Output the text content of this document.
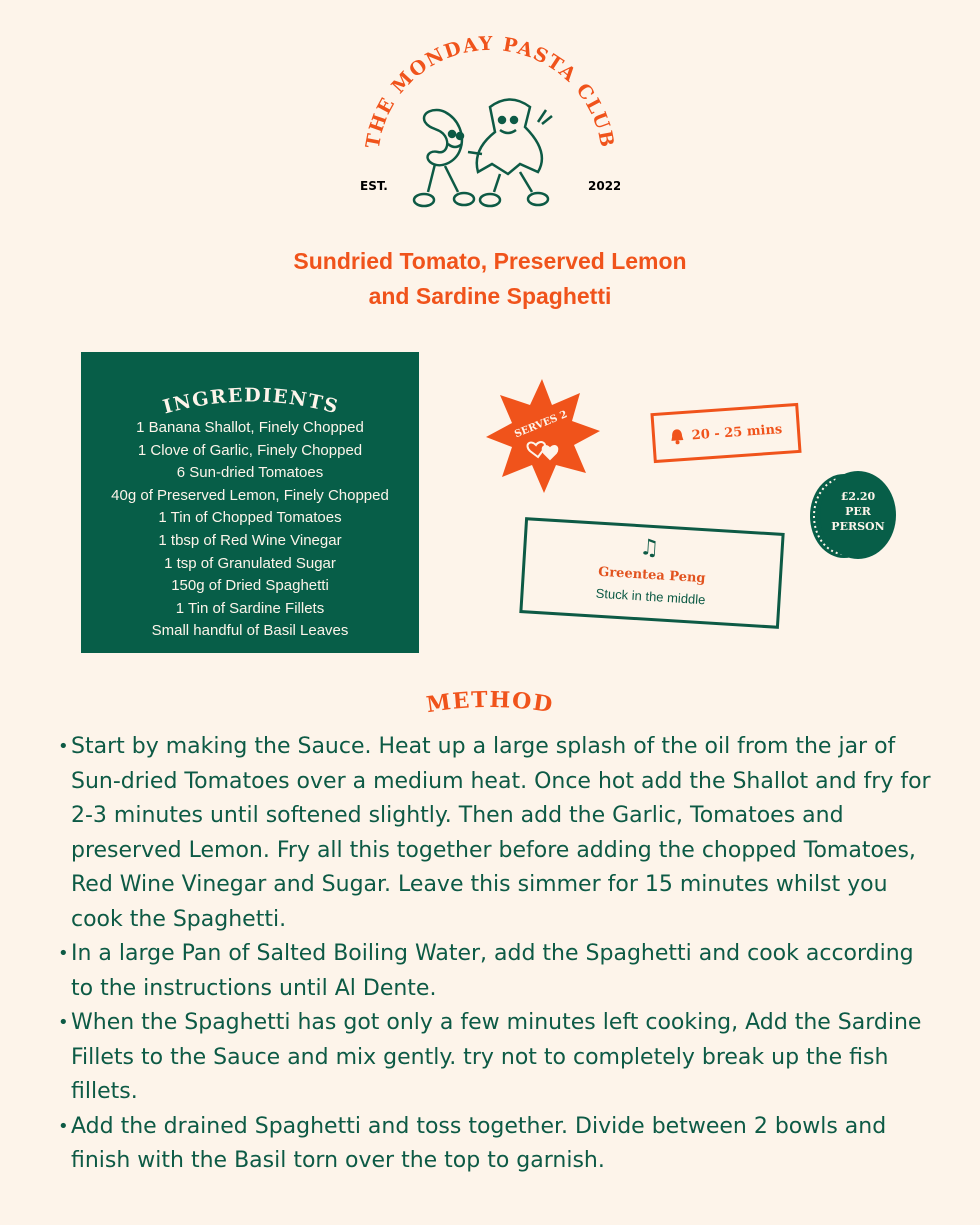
THE MONDAY PASTA CLUB
EST.	2022
Sundried Tomato, Preserved Lemon
and Sardine Spaghetti
INGREDIENTS
1 Banana Shallot, Finely Chopped
1 Clove of Garlic, Finely Chopped
6 Sun-dried Tomatoes
40g of Preserved Lemon, Finely Chopped
1 Tin of Chopped Tomatoes
1 tbsp of Red Wine Vinegar
1 tsp of Granulated Sugar
150g of Dried Spaghetti
1 Tin of Sardine Fillets
Small handful of Basil Leaves
SERVES 2	20 - 25 mins
£2.20
PER
PERSON
♫
Greentea Peng
Stuck in the middle
METHOD
• Start by making the Sauce. Heat up a large splash of the oil from the jar of Sun-dried Tomatoes over a medium heat. Once hot add the Shallot and fry for 2-3 minutes until softened slightly. Then add the Garlic, Tomatoes and preserved Lemon. Fry all this together before adding the chopped Tomatoes, Red Wine Vinegar and Sugar. Leave this simmer for 15 minutes whilst you cook the Spaghetti.
• In a large Pan of Salted Boiling Water, add the Spaghetti and cook according to the instructions until Al Dente.
• When the Spaghetti has got only a few minutes left cooking, Add the Sardine Fillets to the Sauce and mix gently. try not to completely break up the fish fillets.
• Add the drained Spaghetti and toss together. Divide between 2 bowls and finish with the Basil torn over the top to garnish.
